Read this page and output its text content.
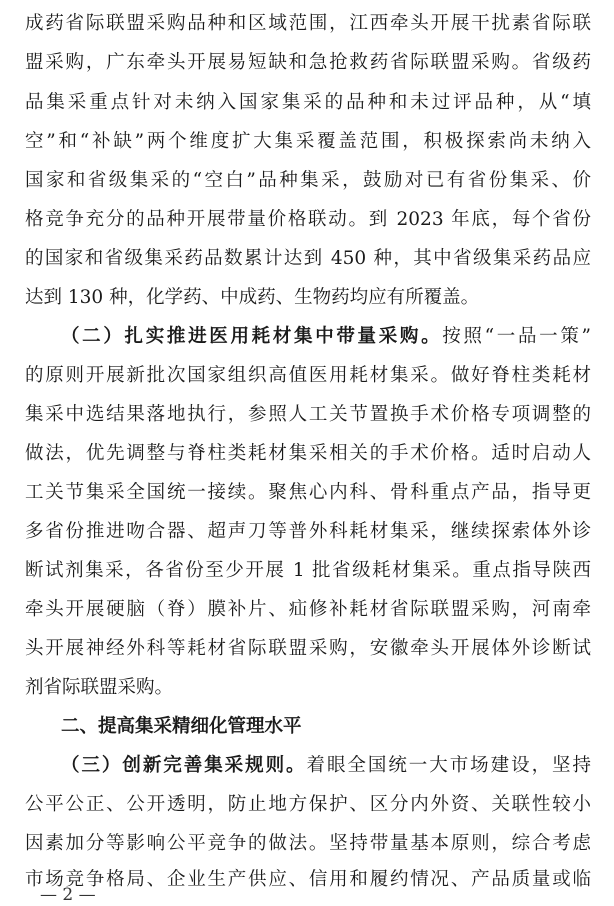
成药省际联盟采购品种和区域范围，江西牵头开展干扰素省际联
盟采购，广东牵头开展易短缺和急抢救药省际联盟采购。省级药
品集采重点针对未纳入国家集采的品种和未过评品种，从“填
空”和“补缺”两个维度扩大集采覆盖范围，积极探索尚未纳入
国家和省级集采的“空白”品种集采，鼓励对已有省份集采、价
格竞争充分的品种开展带量价格联动。到 2023 年底，每个省份
的国家和省级集采药品数累计达到 450 种，其中省级集采药品应
达到 130 种，化学药、中成药、生物药均应有所覆盖。
（二）扎实推进医用耗材集中带量采购。按照“一品一策”
的原则开展新批次国家组织高值医用耗材集采。做好脊柱类耗材
集采中选结果落地执行，参照人工关节置换手术价格专项调整的
做法，优先调整与脊柱类耗材集采相关的手术价格。适时启动人
工关节集采全国统一接续。聚焦心内科、骨科重点产品，指导更
多省份推进吻合器、超声刀等普外科耗材集采，继续探索体外诊
断试剂集采，各省份至少开展 1 批省级耗材集采。重点指导陕西
牵头开展硬脑（脊）膜补片、疝修补耗材省际联盟采购，河南牵
头开展神经外科等耗材省际联盟采购，安徽牵头开展体外诊断试
剂省际联盟采购。
二、提高集采精细化管理水平
（三）创新完善集采规则。着眼全国统一大市场建设，坚持
公平公正、公开透明，防止地方保护、区分内外资、关联性较小
因素加分等影响公平竞争的做法。坚持带量基本原则，综合考虑
市场竞争格局、企业生产供应、信用和履约情况、产品质量或临
— 2 —
